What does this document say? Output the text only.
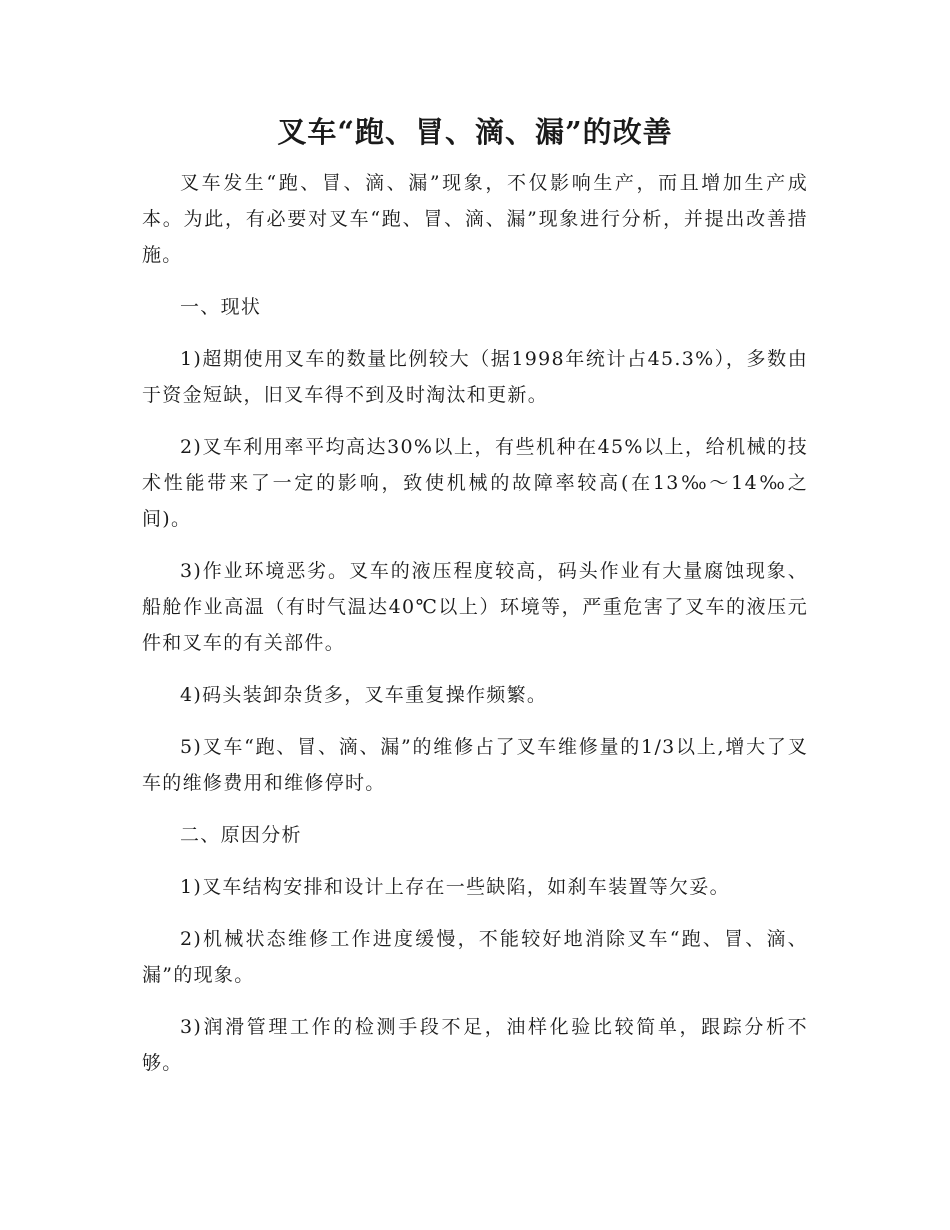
叉车“跑、冒、滴、漏”的改善

叉车发生“跑、冒、滴、漏”现象，不仅影响生产，而且增加生产成本。为此，有必要对叉车“跑、冒、滴、漏”现象进行分析，并提出改善措施。

一、现状

1)超期使用叉车的数量比例较大（据1998年统计占45.3%），多数由于资金短缺，旧叉车得不到及时淘汰和更新。

2)叉车利用率平均高达30%以上，有些机种在45%以上，给机械的技术性能带来了一定的影响，致使机械的故障率较高(在13‰～14‰之间)。

3)作业环境恶劣。叉车的液压程度较高，码头作业有大量腐蚀现象、船舱作业高温（有时气温达40℃以上）环境等，严重危害了叉车的液压元件和叉车的有关部件。

4)码头装卸杂货多，叉车重复操作频繁。

5)叉车“跑、冒、滴、漏”的维修占了叉车维修量的1/3以上,增大了叉车的维修费用和维修停时。

二、原因分析

1)叉车结构安排和设计上存在一些缺陷，如刹车装置等欠妥。

2)机械状态维修工作进度缓慢，不能较好地消除叉车“跑、冒、滴、漏”的现象。

3)润滑管理工作的检测手段不足，油样化验比较简单，跟踪分析不够。
